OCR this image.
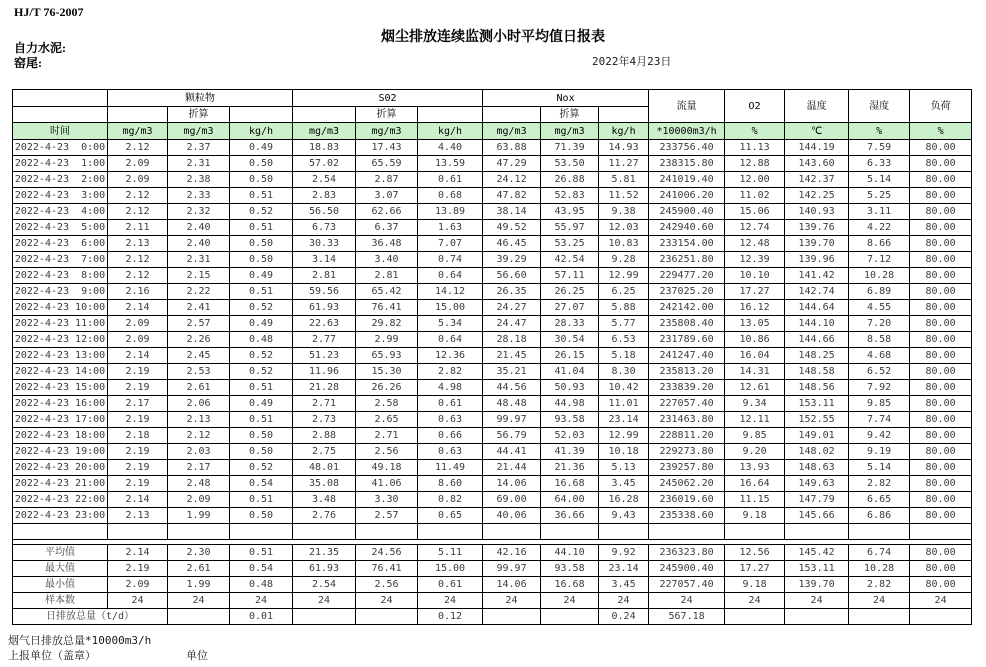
HJ/T 76-2007
烟尘排放连续监测小时平均值日报表
自力水泥:
窑尾:	2022年4月23日
	颗粒物			S02			Nox			流量	O2	温度	湿度	负荷
		折算			折算			折算						
时间	mg/m3	mg/m3	kg/h	mg/m3	mg/m3	kg/h	mg/m3	mg/m3	kg/h	*10000m3/h	%	℃	%	%
2022-4-23  0:00	2.12	2.37	0.49	18.83	17.43	4.40	63.88	71.39	14.93	233756.40	11.13	144.19	7.59	80.00
2022-4-23  1:00	2.09	2.31	0.50	57.02	65.59	13.59	47.29	53.50	11.27	238315.80	12.88	143.60	6.33	80.00
2022-4-23  2:00	2.09	2.38	0.50	2.54	2.87	0.61	24.12	26.88	5.81	241019.40	12.00	142.37	5.14	80.00
2022-4-23  3:00	2.12	2.33	0.51	2.83	3.07	0.68	47.82	52.83	11.52	241006.20	11.02	142.25	5.25	80.00
2022-4-23  4:00	2.12	2.32	0.52	56.50	62.66	13.89	38.14	43.95	9.38	245900.40	15.06	140.93	3.11	80.00
2022-4-23  5:00	2.11	2.40	0.51	6.73	6.37	1.63	49.52	55.97	12.03	242940.60	12.74	139.76	4.22	80.00
2022-4-23  6:00	2.13	2.40	0.50	30.33	36.48	7.07	46.45	53.25	10.83	233154.00	12.48	139.70	8.66	80.00
2022-4-23  7:00	2.12	2.31	0.50	3.14	3.40	0.74	39.29	42.54	9.28	236251.80	12.39	139.96	7.12	80.00
2022-4-23  8:00	2.12	2.15	0.49	2.81	2.81	0.64	56.60	57.11	12.99	229477.20	10.10	141.42	10.28	80.00
2022-4-23  9:00	2.16	2.22	0.51	59.56	65.42	14.12	26.35	26.25	6.25	237025.20	17.27	142.74	6.89	80.00
2022-4-23 10:00	2.14	2.41	0.52	61.93	76.41	15.00	24.27	27.07	5.88	242142.00	16.12	144.64	4.55	80.00
2022-4-23 11:00	2.09	2.57	0.49	22.63	29.82	5.34	24.47	28.33	5.77	235808.40	13.05	144.10	7.20	80.00
2022-4-23 12:00	2.09	2.26	0.48	2.77	2.99	0.64	28.18	30.54	6.53	231789.60	10.86	144.66	8.58	80.00
2022-4-23 13:00	2.14	2.45	0.52	51.23	65.93	12.36	21.45	26.15	5.18	241247.40	16.04	148.25	4.68	80.00
2022-4-23 14:00	2.19	2.53	0.52	11.96	15.30	2.82	35.21	41.04	8.30	235813.20	14.31	148.58	6.52	80.00
2022-4-23 15:00	2.19	2.61	0.51	21.28	26.26	4.98	44.56	50.93	10.42	233839.20	12.61	148.56	7.92	80.00
2022-4-23 16:00	2.17	2.06	0.49	2.71	2.58	0.61	48.48	44.98	11.01	227057.40	9.34	153.11	9.85	80.00
2022-4-23 17:00	2.19	2.13	0.51	2.73	2.65	0.63	99.97	93.58	23.14	231463.80	12.11	152.55	7.74	80.00
2022-4-23 18:00	2.18	2.12	0.50	2.88	2.71	0.66	56.79	52.03	12.99	228811.20	9.85	149.01	9.42	80.00
2022-4-23 19:00	2.19	2.03	0.50	2.75	2.56	0.63	44.41	41.39	10.18	229273.80	9.20	148.02	9.19	80.00
2022-4-23 20:00	2.19	2.17	0.52	48.01	49.18	11.49	21.44	21.36	5.13	239257.80	13.93	148.63	5.14	80.00
2022-4-23 21:00	2.19	2.48	0.54	35.08	41.06	8.60	14.06	16.68	3.45	245062.20	16.64	149.63	2.82	80.00
2022-4-23 22:00	2.14	2.09	0.51	3.48	3.30	0.82	69.00	64.00	16.28	236019.60	11.15	147.79	6.65	80.00
2022-4-23 23:00	2.13	1.99	0.50	2.76	2.57	0.65	40.06	36.66	9.43	235338.60	9.18	145.66	6.86	80.00

平均值	2.14	2.30	0.51	21.35	24.56	5.11	42.16	44.10	9.92	236323.80	12.56	145.42	6.74	80.00
最大值	2.19	2.61	0.54	61.93	76.41	15.00	99.97	93.58	23.14	245900.40	17.27	153.11	10.28	80.00
最小值	2.09	1.99	0.48	2.54	2.56	0.61	14.06	16.68	3.45	227057.40	9.18	139.70	2.82	80.00
样本数	24	24	24	24	24	24	24	24	24	24	24	24	24	24
日排放总量（t/d）			0.01			0.12			0.24	567.18				
烟气日排放总量*10000m3/h
上报单位（盖章）	单位
